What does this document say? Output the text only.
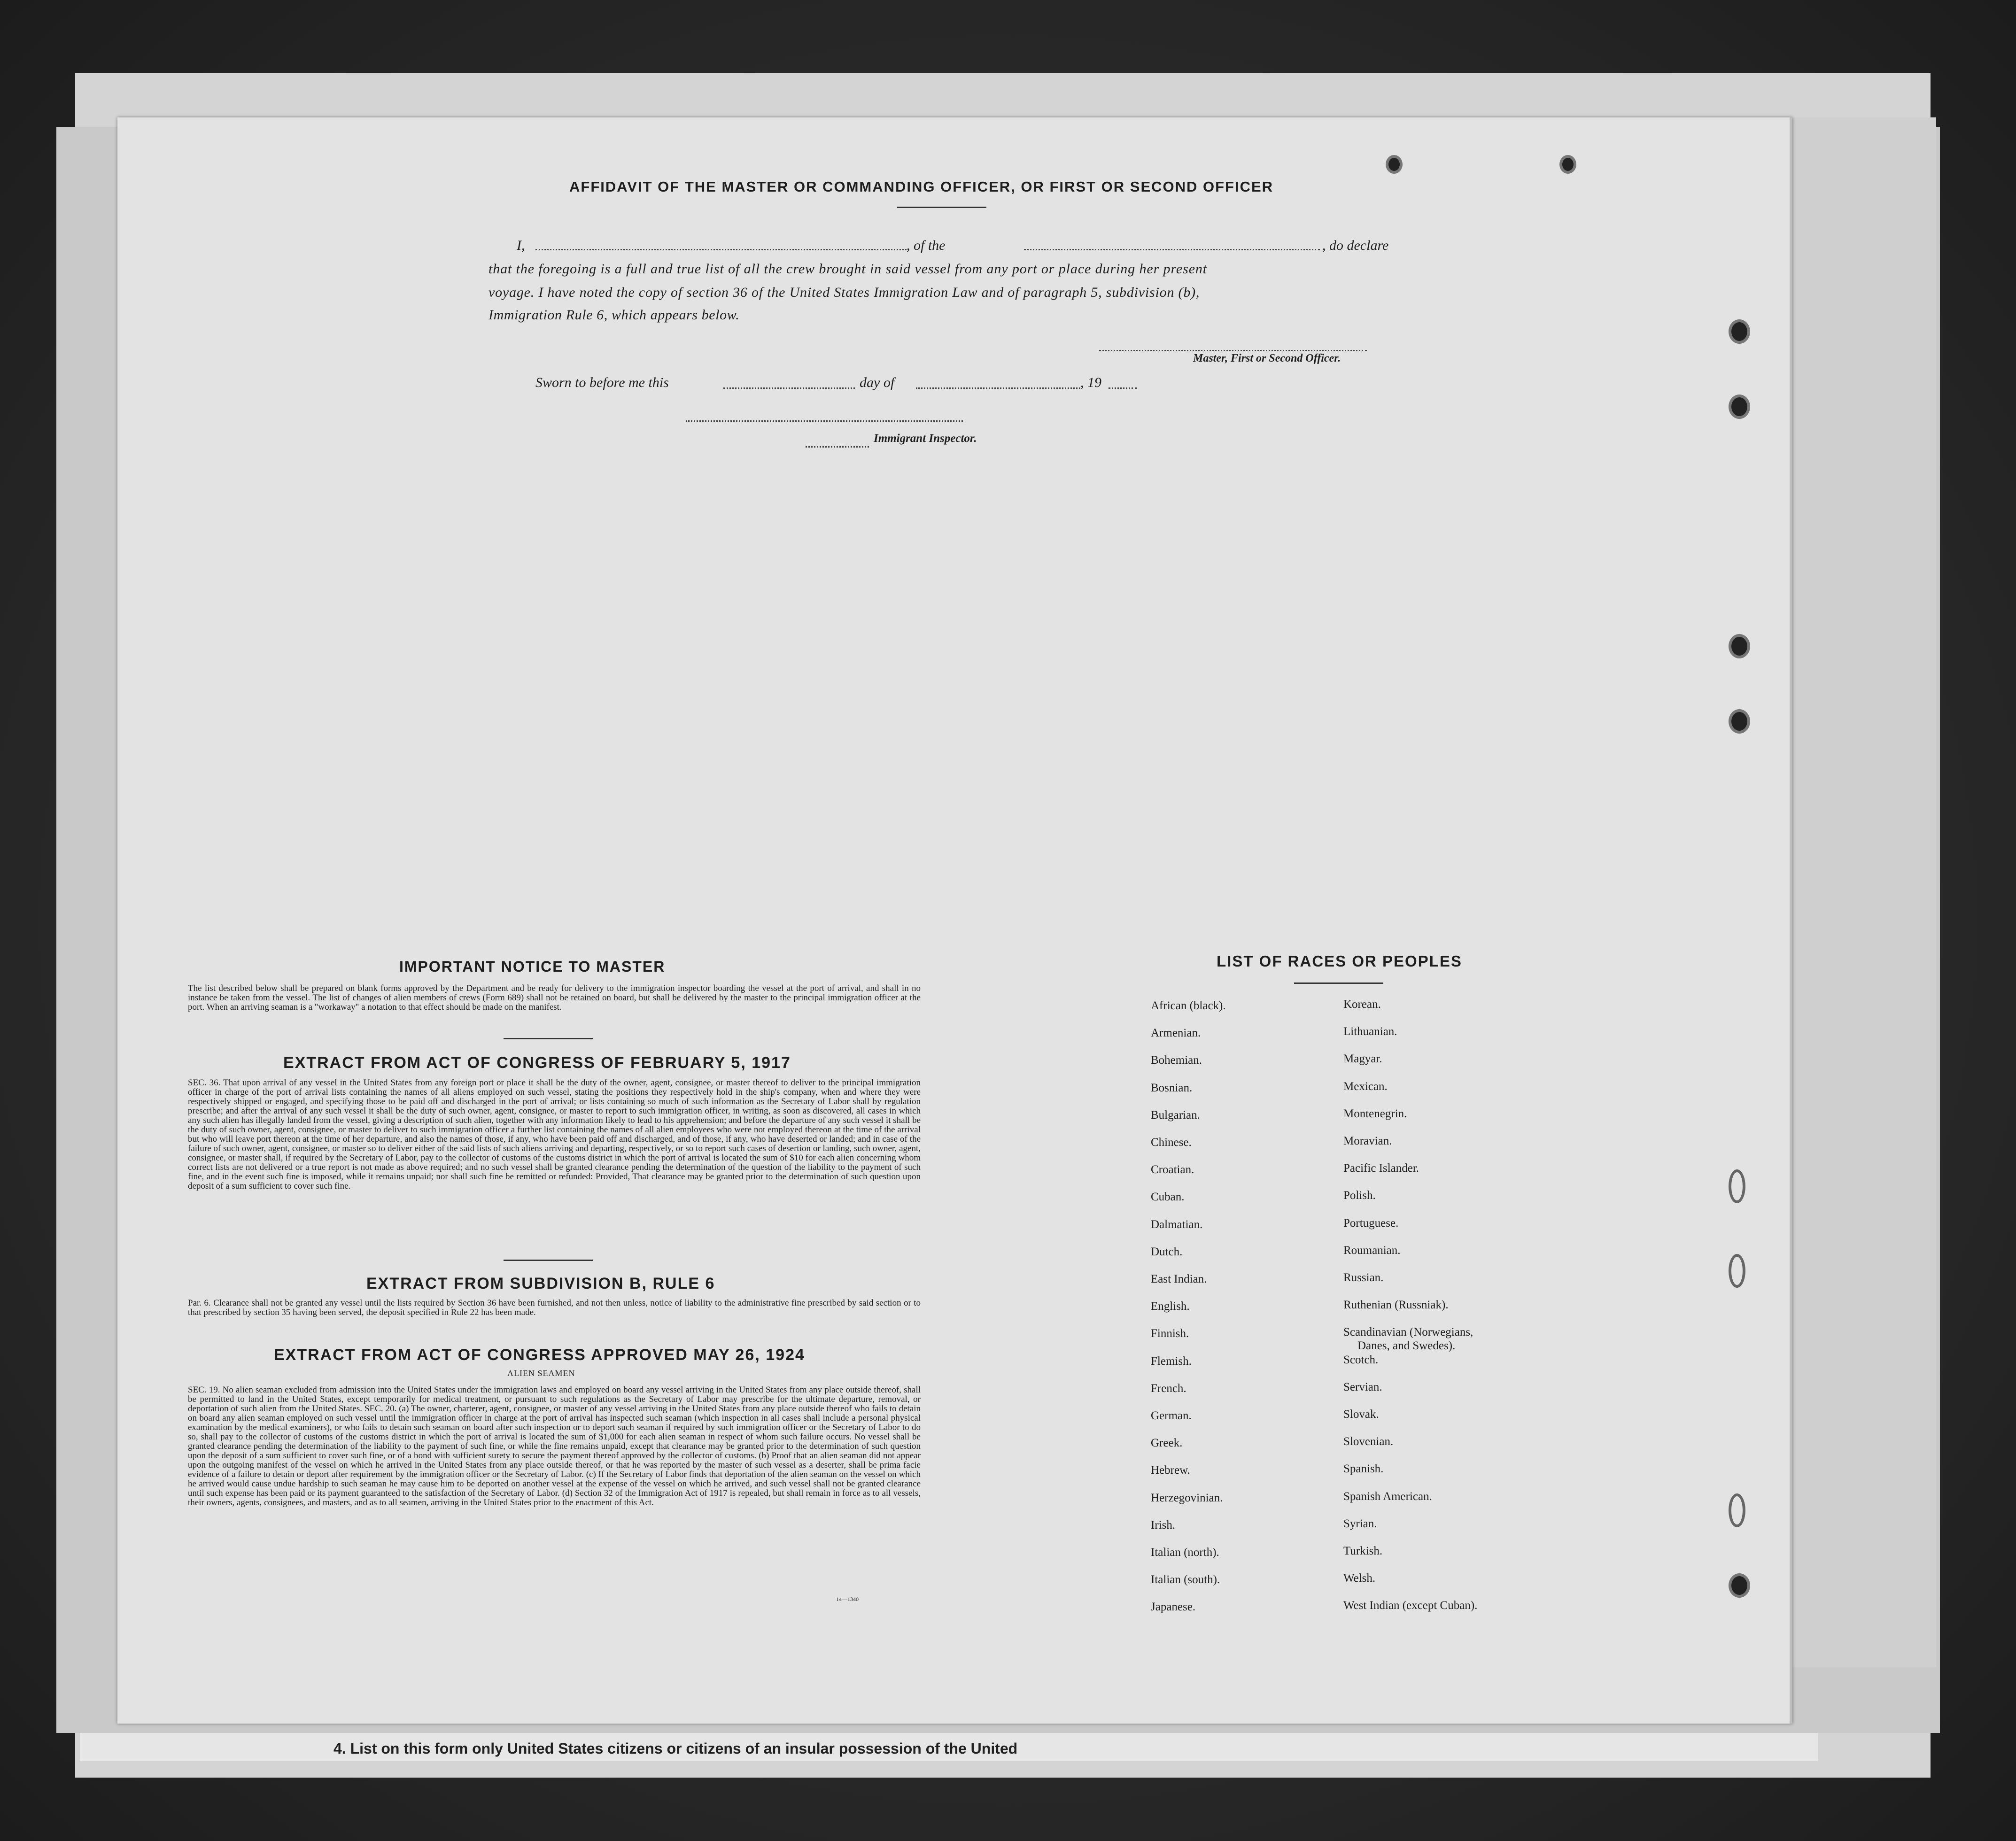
4. List on this form only United States citizens or citizens of an insular possession of the United
AFFIDAVIT OF THE MASTER OR COMMANDING OFFICER, OR FIRST OR SECOND OFFICER
I,	, of the	, do declare
that the foregoing is a full and true list of all the crew brought in said vessel from any port or place during her present
voyage. I have noted the copy of section 36 of the United States Immigration Law and of paragraph 5, subdivision (b),
Immigration Rule 6, which appears below.
Master, First or Second Officer.
Sworn to before me this	day of	, 19
Immigrant Inspector.
IMPORTANT NOTICE TO MASTER
The list described below shall be prepared on blank forms approved by the Department and be ready for delivery to the immigration inspector boarding the vessel at the port of arrival, and shall in no instance be taken from the vessel. The list of changes of alien members of crews (Form 689) shall not be retained on board, but shall be delivered by the master to the principal immigration officer at the port. When an arriving seaman is a "workaway" a notation to that effect should be made on the manifest.
EXTRACT FROM ACT OF CONGRESS OF FEBRUARY 5, 1917
SEC. 36. That upon arrival of any vessel in the United States from any foreign port or place it shall be the duty of the owner, agent, consignee, or master thereof to deliver to the principal immigration officer in charge of the port of arrival lists containing the names of all aliens employed on such vessel, stating the positions they respectively hold in the ship's company, when and where they were respectively shipped or engaged, and specifying those to be paid off and discharged in the port of arrival; or lists containing so much of such information as the Secretary of Labor shall by regulation prescribe; and after the arrival of any such vessel it shall be the duty of such owner, agent, consignee, or master to report to such immigration officer, in writing, as soon as discovered, all cases in which any such alien has illegally landed from the vessel, giving a description of such alien, together with any information likely to lead to his apprehension; and before the departure of any such vessel it shall be the duty of such owner, agent, consignee, or master to deliver to such immigration officer a further list containing the names of all alien employees who were not employed thereon at the time of the arrival but who will leave port thereon at the time of her departure, and also the names of those, if any, who have been paid off and discharged, and of those, if any, who have deserted or landed; and in case of the failure of such owner, agent, consignee, or master so to deliver either of the said lists of such aliens arriving and departing, respectively, or so to report such cases of desertion or landing, such owner, agent, consignee, or master shall, if required by the Secretary of Labor, pay to the collector of customs of the customs district in which the port of arrival is located the sum of $10 for each alien concerning whom correct lists are not delivered or a true report is not made as above required; and no such vessel shall be granted clearance pending the determination of the question of the liability to the payment of such fine, and in the event such fine is imposed, while it remains unpaid; nor shall such fine be remitted or refunded: Provided, That clearance may be granted prior to the determination of such question upon deposit of a sum sufficient to cover such fine.
EXTRACT FROM SUBDIVISION B, RULE 6
Par. 6. Clearance shall not be granted any vessel until the lists required by Section 36 have been furnished, and not then unless, notice of liability to the administrative fine prescribed by said section or to that prescribed by section 35 having been served, the deposit specified in Rule 22 has been made.
EXTRACT FROM ACT OF CONGRESS APPROVED MAY 26, 1924
ALIEN SEAMEN
SEC. 19. No alien seaman excluded from admission into the United States under the immigration laws and employed on board any vessel arriving in the United States from any place outside thereof, shall be permitted to land in the United States, except temporarily for medical treatment, or pursuant to such regulations as the Secretary of Labor may prescribe for the ultimate departure, removal, or deportation of such alien from the United States. SEC. 20. (a) The owner, charterer, agent, consignee, or master of any vessel arriving in the United States from any place outside thereof who fails to detain on board any alien seaman employed on such vessel until the immigration officer in charge at the port of arrival has inspected such seaman (which inspection in all cases shall include a personal physical examination by the medical examiners), or who fails to detain such seaman on board after such inspection or to deport such seaman if required by such immigration officer or the Secretary of Labor to do so, shall pay to the collector of customs of the customs district in which the port of arrival is located the sum of $1,000 for each alien seaman in respect of whom such failure occurs. No vessel shall be granted clearance pending the determination of the liability to the payment of such fine, or while the fine remains unpaid, except that clearance may be granted prior to the determination of such question upon the deposit of a sum sufficient to cover such fine, or of a bond with sufficient surety to secure the payment thereof approved by the collector of customs. (b) Proof that an alien seaman did not appear upon the outgoing manifest of the vessel on which he arrived in the United States from any place outside thereof, or that he was reported by the master of such vessel as a deserter, shall be prima facie evidence of a failure to detain or deport after requirement by the immigration officer or the Secretary of Labor. (c) If the Secretary of Labor finds that deportation of the alien seaman on the vessel on which he arrived would cause undue hardship to such seaman he may cause him to be deported on another vessel at the expense of the vessel on which he arrived, and such vessel shall not be granted clearance until such expense has been paid or its payment guaranteed to the satisfaction of the Secretary of Labor. (d) Section 32 of the Immigration Act of 1917 is repealed, but shall remain in force as to all vessels, their owners, agents, consignees, and masters, and as to all seamen, arriving in the United States prior to the enactment of this Act.
14—1340
LIST OF RACES OR PEOPLES
African (black).
Armenian.
Bohemian.
Bosnian.
Bulgarian.
Chinese.
Croatian.
Cuban.
Dalmatian.
Dutch.
East Indian.
English.
Finnish.
Flemish.
French.
German.
Greek.
Hebrew.
Herzegovinian.
Irish.
Italian (north).
Italian (south).
Japanese.
Korean.
Lithuanian.
Magyar.
Mexican.
Montenegrin.
Moravian.
Pacific Islander.
Polish.
Portuguese.
Roumanian.
Russian.
Ruthenian (Russniak).
Scandinavian (Norwegians,
Danes, and Swedes).
Scotch.
Servian.
Slovak.
Slovenian.
Spanish.
Spanish American.
Syrian.
Turkish.
Welsh.
West Indian (except Cuban).
